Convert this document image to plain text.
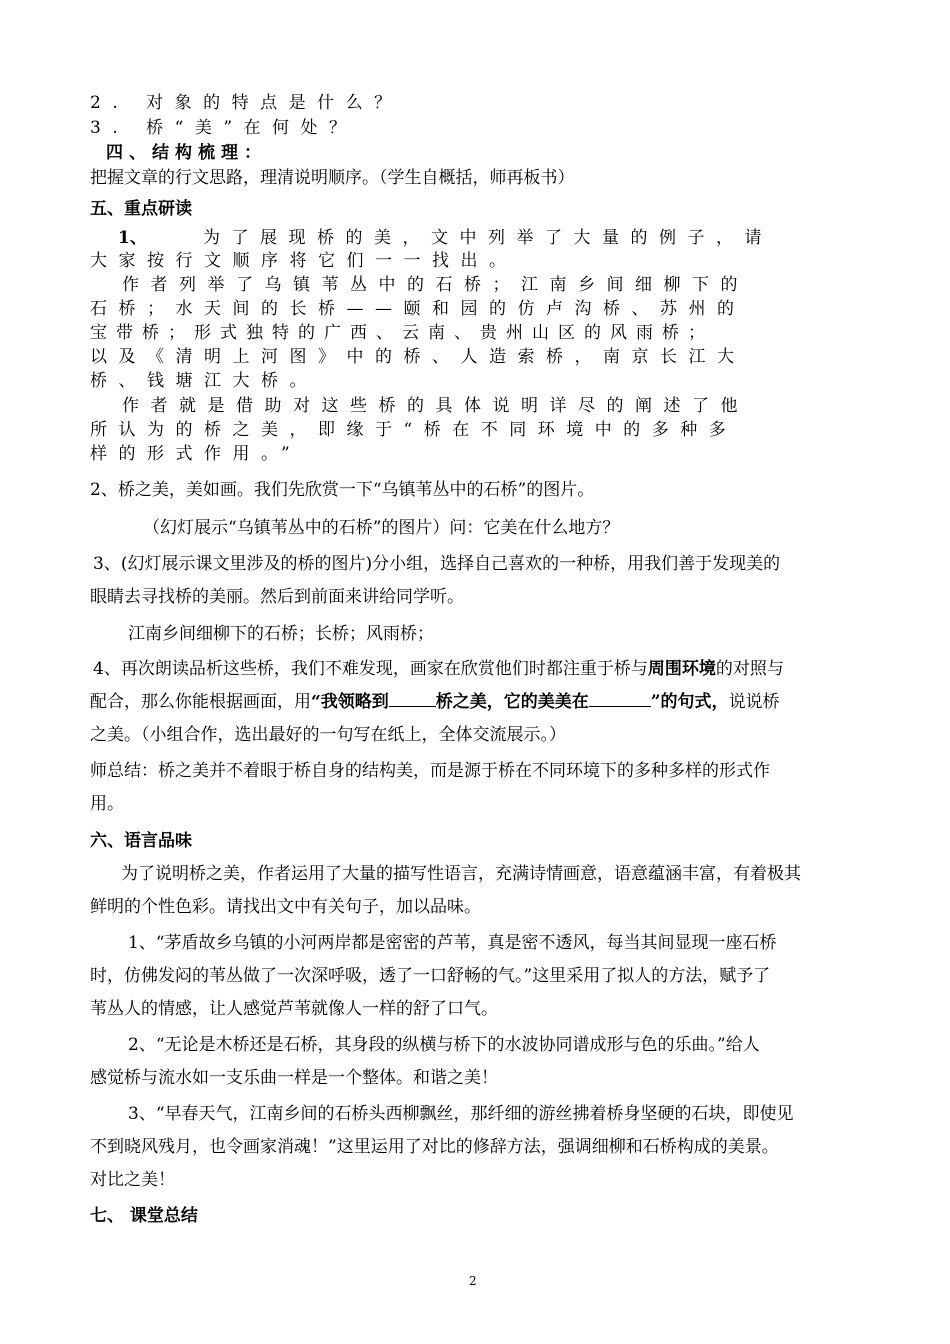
2. 对象的特点是什么？
3. 桥“美”在何处？
四、结构梳理：
把握文章的行文思路，理清说明顺序。（学生自概括，师再板书）
五、重点研读
1、	为了展现桥的美，文中列举了大量的例子，请
大家按行文顺序将它们一一找出。
作者列举了乌镇苇丛中的石桥；江南乡间细柳下的
石桥；水天间的长桥——颐和园的仿卢沟桥、苏州的
宝带桥；形式独特的广西、云南、贵州山区的风雨桥；
以及《清明上河图》中的桥、人造索桥，南京长江大
桥、钱塘江大桥。
作者就是借助对这些桥的具体说明详尽的阐述了他
所认为的桥之美，即缘于“桥在不同环境中的多种多
样的形式作用。”
2、桥之美，美如画。我们先欣赏一下“乌镇苇丛中的石桥”的图片。
（幻灯展示“乌镇苇丛中的石桥”的图片）问：它美在什么地方？
3、(幻灯展示课文里涉及的桥的图片)分小组，选择自己喜欢的一种桥，用我们善于发现美的
眼睛去寻找桥的美丽。然后到前面来讲给同学听。
江南乡间细柳下的石桥；长桥；风雨桥；
4、再次朗读品析这些桥，我们不难发现，画家在欣赏他们时都注重于桥与周围环境的对照与
配合，那么你能根据画面，用“我领略到	桥之美，它的美美在	”的句式，说说桥
之美。（小组合作，选出最好的一句写在纸上，全体交流展示。）
师总结：桥之美并不着眼于桥自身的结构美，而是源于桥在不同环境下的多种多样的形式作
用。
六、语言品味
为了说明桥之美，作者运用了大量的描写性语言，充满诗情画意，语意蕴涵丰富，有着极其
鲜明的个性色彩。请找出文中有关句子，加以品味。
1、“茅盾故乡乌镇的小河两岸都是密密的芦苇，真是密不透风，每当其间显现一座石桥
时，仿佛发闷的苇丛做了一次深呼吸，透了一口舒畅的气。”这里采用了拟人的方法，赋予了
苇丛人的情感，让人感觉芦苇就像人一样的舒了口气。
2、“无论是木桥还是石桥，其身段的纵横与桥下的水波协同谱成形与色的乐曲。”给人
感觉桥与流水如一支乐曲一样是一个整体。和谐之美！
3、“早春天气，江南乡间的石桥头西柳飘丝，那纤细的游丝拂着桥身坚硬的石块，即使见
不到晓风残月，也令画家消魂！”这里运用了对比的修辞方法，强调细柳和石桥构成的美景。
对比之美！
七、 课堂总结
2
